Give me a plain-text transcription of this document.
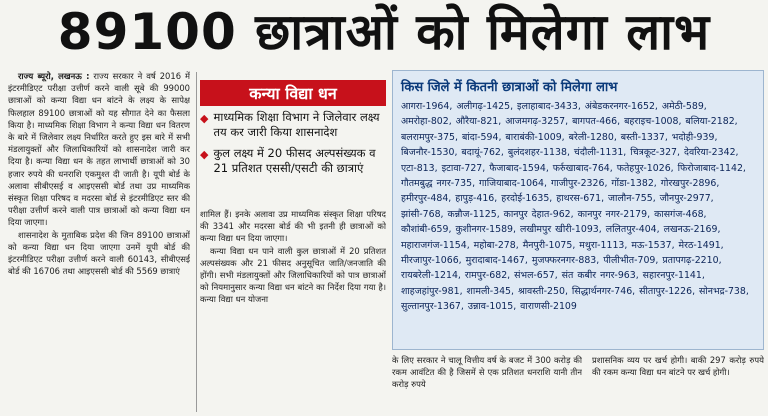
89100 छात्राओं को मिलेगा लाभ

राज्य ब्यूरो, लखनऊ : राज्य सरकार ने वर्ष 2016 में इंटरमीडिएट परीक्षा उत्तीर्ण करने वाली सूबे की 99000 छात्राओं को कन्या विद्या धन बांटने के लक्ष्य के सापेक्ष फिलहाल 89100 छात्राओं को यह सौगात देने का फैसला किया है। माध्यमिक शिक्षा विभाग ने कन्या विद्या धन वितरण के बारे में जिलेवार लक्ष्य निर्धारित करते हुए इस बारे में सभी मंडलायुक्तों और जिलाधिकारियों को शासनादेश जारी कर दिया है। कन्या विद्या धन के तहत लाभार्थी छात्राओं को 30 हजार रुपये की धनराशि एकमुश्त दी जाती है। यूपी बोर्ड के अलावा सीबीएसई व आइएससी बोर्ड तथा उप्र माध्यमिक संस्कृत शिक्षा परिषद व मदरसा बोर्ड से इंटरमीडिएट स्तर की परीक्षा उत्तीर्ण करने वाली पात्र छात्राओं को कन्या विद्या धन दिया जाएगा।

शासनादेश के मुताबिक प्रदेश की जिन 89100 छात्राओं को कन्या विद्या धन दिया जाएगा उनमें यूपी बोर्ड की इंटरमीडिएट परीक्षा उत्तीर्ण करने वाली 60143, सीबीएसई बोर्ड की 16706 तथा आइएससी बोर्ड की 5569 छात्राएं

कन्या विद्या धन
◆ माध्यमिक शिक्षा विभाग ने जिलेवार लक्ष्य तय कर जारी किया शासनादेश
◆ कुल लक्ष्य में 20 फीसद अल्पसंख्यक व 21 प्रतिशत एससी/एसटी की छात्राएं

शामिल हैं। इनके अलावा उप्र माध्यमिक संस्कृत शिक्षा परिषद की 3341 और मदरसा बोर्ड की भी इतनी ही छात्राओं को कन्या विद्या धन दिया जाएगा।

कन्या विद्या धन पाने वाली कुल छात्राओं में 20 प्रतिशत अल्पसंख्यक और 21 फीसद अनुसूचित जाति/जनजाति की होंगी। सभी मंडलायुक्तों और जिलाधिकारियों को पात्र छात्राओं को नियमानुसार कन्या विद्या धन बांटने का निर्देश दिया गया है। कन्या विद्या धन योजना

किस जिले में कितनी छात्राओं को मिलेगा लाभ
आगरा-1964, अलीगढ़-1425, इलाहाबाद-3433, अंबेडकरनगर-1652, अमेठी-589, अमरोहा-802, औरैया-821, आजमगढ़-3257, बागपत-466, बहराइच-1008, बलिया-2182, बलरामपुर-375, बांदा-594, बाराबंकी-1009, बरेली-1280, बस्ती-1337, भदोही-939, बिजनौर-1530, बदायूं-762, बुलंदशहर-1138, चंदौली-1131, चित्रकूट-327, देवरिया-2342, एटा-813, इटावा-727, फैजाबाद-1594, फर्रुखाबाद-764, फतेहपुर-1026, फिरोजाबाद-1142, गौतमबुद्ध नगर-735, गाजियाबाद-1064, गाजीपुर-2326, गोंडा-1382, गोरखपुर-2896, हमीरपुर-484, हापुड़-416, हरदोई-1635, हाथरस-671, जालौन-755, जौनपुर-2977, झांसी-768, कन्नौज-1125, कानपुर देहात-962, कानपुर नगर-2179, कासगंज-468, कौशांबी-659, कुशीनगर-1589, लखीमपुर खीरी-1093, ललितपुर-404, लखनऊ-2169, महाराजगंज-1154, महोबा-278, मैनपुरी-1075, मथुरा-1113, मऊ-1537, मेरठ-1491, मीरजापुर-1066, मुरादाबाद-1467, मुजफ्फरनगर-883, पीलीभीत-709, प्रतापगढ़-2210, रायबरेली-1214, रामपुर-682, संभल-657, संत कबीर नगर-963, सहारनपुर-1141, शाहजहांपुर-981, शामली-345, श्रावस्ती-250, सिद्धार्थनगर-746, सीतापुर-1226, सोनभद्र-738, सुल्तानपुर-1367, उन्नाव-1015, वाराणसी-2109

के लिए सरकार ने चालू वित्तीय वर्ष के बजट में 300 करोड़ की रकम आवंटित की है जिसमें से एक प्रतिशत धनराशि यानी तीन करोड़ रुपये

प्रशासनिक व्यय पर खर्च होगी। बाकी 297 करोड़ रुपये की रकम कन्या विद्या धन बांटने पर खर्च होगी।
